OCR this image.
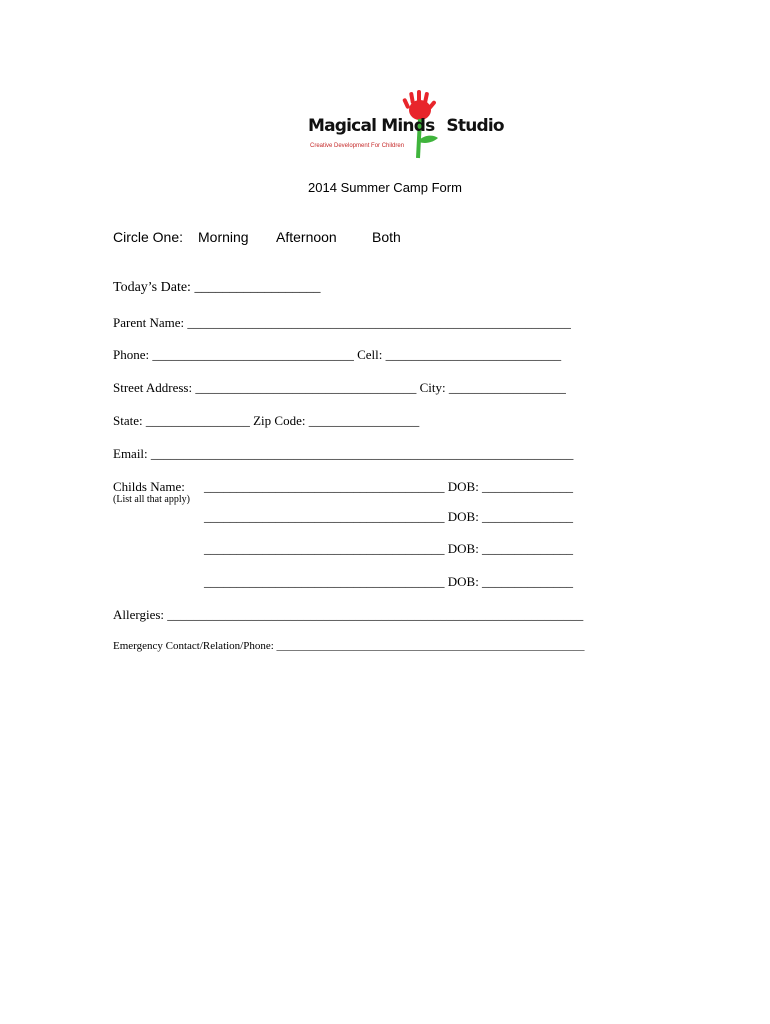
Magical Minds Studio
Creative Development For Children
2014 Summer Camp Form
Circle One: Morning Afternoon	Both
Today’s Date: __________________
Parent Name: ___________________________________________________________
Phone: _______________________________ Cell: ___________________________
Street Address: __________________________________ City: __________________
State: ________________ Zip Code: _________________
Email: _________________________________________________________________
Childs Name:
(List all that apply)
_____________________________________ DOB: ______________
_____________________________________ DOB: ______________
_____________________________________ DOB: ______________
_____________________________________ DOB: ______________
Allergies: ________________________________________________________________
Emergency Contact/Relation/Phone: ________________________________________________________
